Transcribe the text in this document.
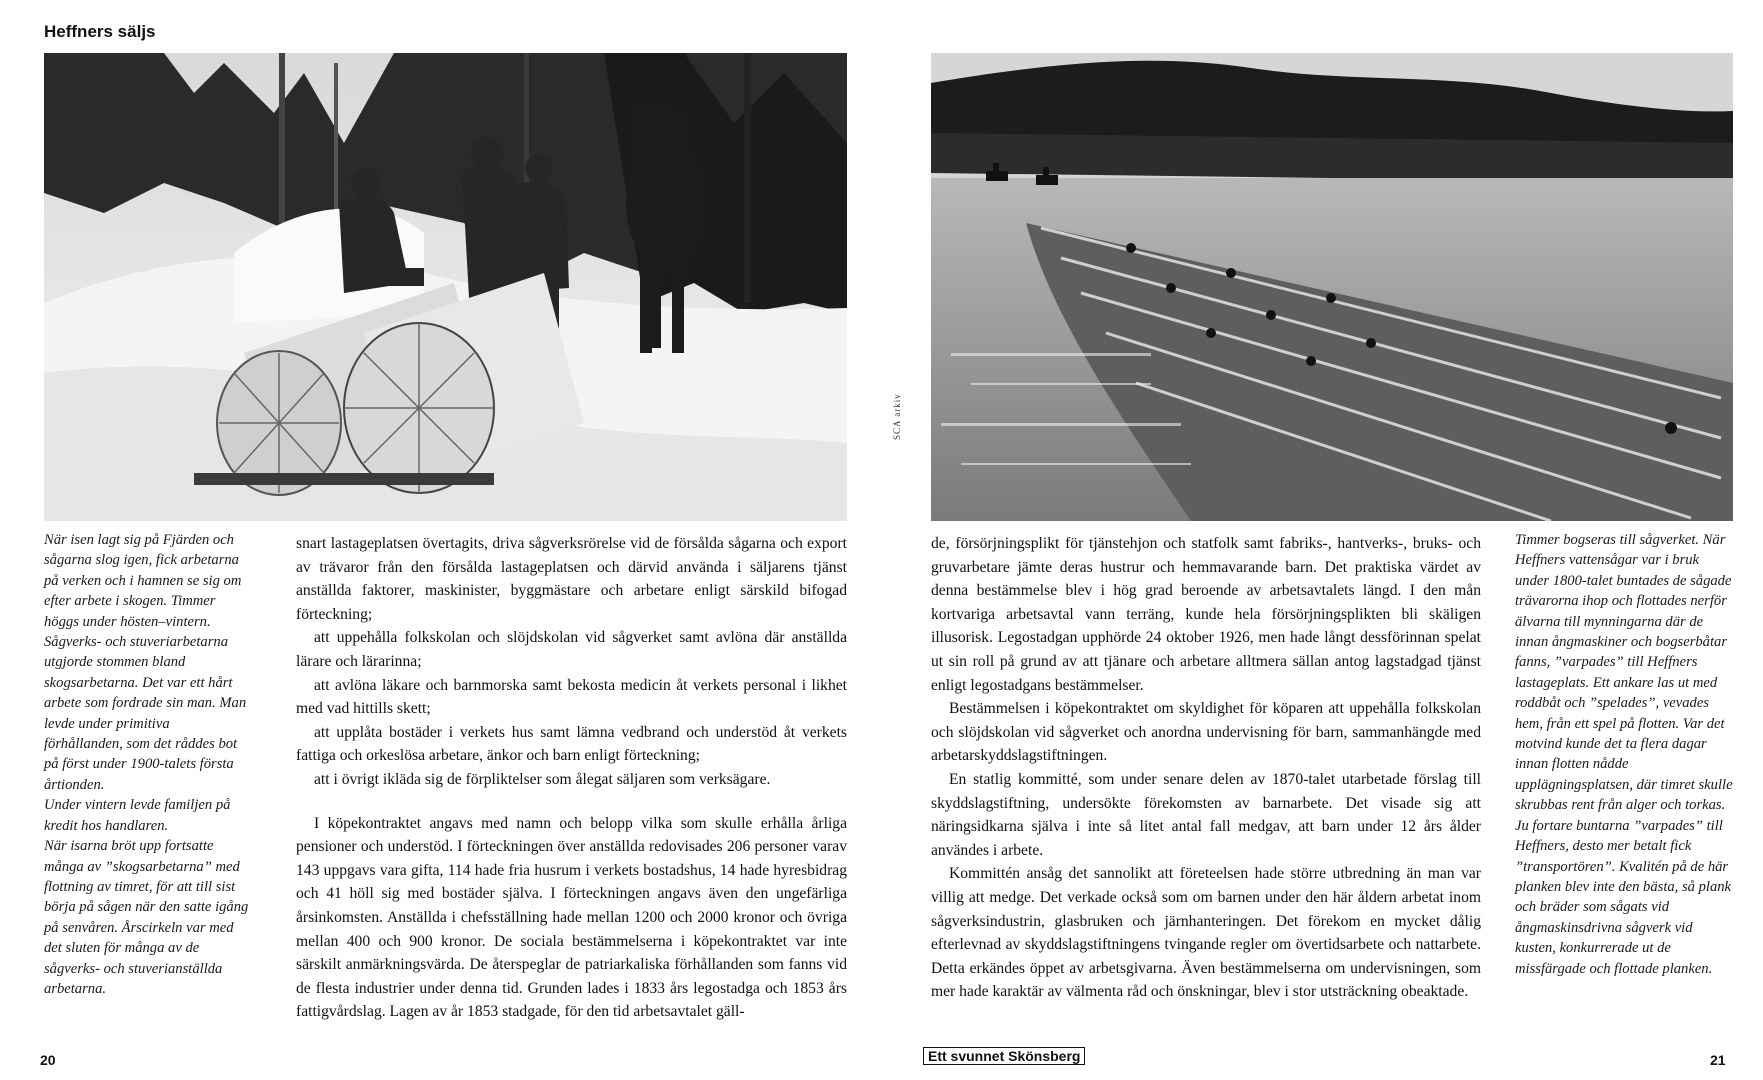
Heffners säljs
SCA arkiv

När isen lagt sig på Fjärden och sågarna slog igen, fick arbetarna på verken och i hamnen se sig om efter arbete i skogen. Timmer höggs under hösten–vintern. Sågverks- och stuveriarbetarna utgjorde stommen bland skogsarbetarna. Det var ett hårt arbete som fordrade sin man. Man levde under primitiva förhållanden, som det råddes bot på först under 1900-talets första årtionden.

Under vintern levde familjen på kredit hos handlaren.

När isarna bröt upp fortsatte många av ”skogsarbetarna” med flottning av timret, för att till sist börja på sågen när den satte igång på senvåren. Årscirkeln var med det sluten för många av de sågverks- och stuverianställda arbetarna.

snart lastageplatsen övertagits, driva sågverksrörelse vid de försålda sågarna och export av trävaror från den försålda lastageplatsen och därvid använda i säljarens tjänst anställda faktorer, maskinister, byggmästare och arbetare enligt särskild bifogad förteckning;

att uppehålla folkskolan och slöjdskolan vid sågverket samt avlöna där anställda lärare och lärarinna;

att avlöna läkare och barnmorska samt bekosta medicin åt verkets personal i likhet med vad hittills skett;

att upplåta bostäder i verkets hus samt lämna vedbrand och understöd åt verkets fattiga och orkeslösa arbetare, änkor och barn enligt förteckning;

att i övrigt ikläda sig de förpliktelser som ålegat säljaren som verksägare.

I köpekontraktet angavs med namn och belopp vilka som skulle erhålla årliga pensioner och understöd. I förteckningen över anställda redovisades 206 personer varav 143 uppgavs vara gifta, 114 hade fria husrum i verkets bostadshus, 14 hade hyresbidrag och 41 höll sig med bostäder själva. I förteckningen angavs även den ungefärliga årsinkomsten. Anställda i chefsställning hade mellan 1200 och 2000 kronor och övriga mellan 400 och 900 kronor. De sociala bestämmelserna i köpekontraktet var inte särskilt anmärkningsvärda. De återspeglar de patriarkaliska förhållanden som fanns vid de flesta industrier under denna tid. Grunden lades i 1833 års legostadga och 1853 års fattigvårdslag. Lagen av år 1853 stadgade, för den tid arbetsavtalet gäll-

de, försörjningsplikt för tjänstehjon och statfolk samt fabriks-, hantverks-, bruks- och gruvarbetare jämte deras hustrur och hemmavarande barn. Det praktiska värdet av denna bestämmelse blev i hög grad beroende av arbetsavtalets längd. I den mån kortvariga arbetsavtal vann terräng, kunde hela försörjningsplikten bli skäligen illusorisk. Legostadgan upphörde 24 oktober 1926, men hade långt dessförinnan spelat ut sin roll på grund av att tjänare och arbetare alltmera sällan antog lagstadgad tjänst enligt legostadgans bestämmelser.

Bestämmelsen i köpekontraktet om skyldighet för köparen att uppehålla folkskolan och slöjdskolan vid sågverket och anordna undervisning för barn, sammanhängde med arbetarskyddslagstiftningen.

En statlig kommitté, som under senare delen av 1870-talet utarbetade förslag till skyddslagstiftning, undersökte förekomsten av barnarbete. Det visade sig att näringsidkarna själva i inte så litet antal fall medgav, att barn under 12 års ålder användes i arbete.

Kommittén ansåg det sannolikt att företeelsen hade större utbredning än man var villig att medge. Det verkade också som om barnen under den här åldern arbetat inom sågverksindustrin, glasbruken och järnhanteringen. Det förekom en mycket dålig efterlevnad av skyddslagstiftningens tvingande regler om övertidsarbete och nattarbete. Detta erkändes öppet av arbetsgivarna. Även bestämmelserna om undervisningen, som mer hade karaktär av välmenta råd och önskningar, blev i stor utsträckning obeaktade.

Timmer bogseras till sågverket. När Heffners vattensågar var i bruk under 1800-talet buntades de sågade trävarorna ihop och flottades nerför älvarna till mynningarna där de innan ångmaskiner och bogserbåtar fanns, ”varpades” till Heffners lastageplats. Ett ankare las ut med roddbåt och ”spelades”, vevades hem, från ett spel på flotten. Var det motvind kunde det ta flera dagar innan flotten nådde upplägningsplatsen, där timret skulle skrubbas rent från alger och torkas. Ju fortare buntarna ”varpades” till Heffners, desto mer betalt fick ”transportören”. Kvalitén på de här planken blev inte den bästa, så plank och bräder som sågats vid ångmaskinsdrivna sågverk vid kusten, konkurrerade ut de missfärgade och flottade planken.

20	Ett svunnet Skönsberg	21
